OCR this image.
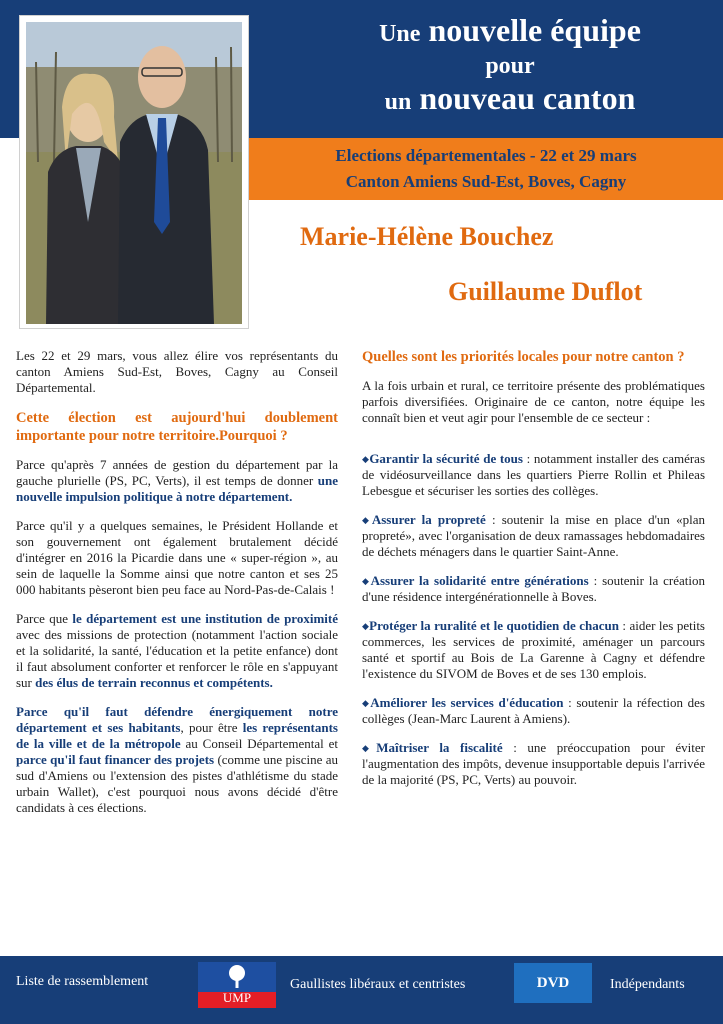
Une nouvelle équipe
pour
un nouveau canton
Elections départementales - 22 et 29 mars
Canton Amiens Sud-Est, Boves, Cagny
Marie-Hélène Bouchez
Guillaume Duflot

Les 22 et 29 mars, vous allez élire vos représentants du canton Amiens Sud-Est, Boves, Cagny au Conseil Départemental.

Cette élection est aujourd'hui doublement importante pour notre territoire.Pourquoi ?

Parce qu'après 7 années de gestion du département par la gauche plurielle (PS, PC, Verts), il est temps de donner une nouvelle impulsion politique à notre département.

Parce qu'il y a quelques semaines, le Président Hollande et son gouvernement ont également brutalement décidé d'intégrer en 2016 la Picardie dans une « super-région », au sein de laquelle la Somme ainsi que notre canton et ses 25 000 habitants pèseront bien peu face au Nord-Pas-de-Calais !

Parce que le département est une institution de proximité avec des missions de protection (notamment l'action sociale et la solidarité, la santé, l'éducation et la petite enfance) dont il faut absolument conforter et renforcer le rôle en s'appuyant sur des élus de terrain reconnus et compétents.

Parce qu'il faut défendre énergiquement notre département et ses habitants, pour être les représentants de la ville et de la métropole au Conseil Départemental et parce qu'il faut financer des projets (comme une piscine au sud d'Amiens ou l'extension des pistes d'athlétisme du stade urbain Wallet), c'est pourquoi nous avons décidé d'être candidats à ces élections.

Quelles sont les priorités locales pour notre canton ?

A la fois urbain et rural, ce territoire présente des problématiques parfois diversifiées. Originaire de ce canton, notre équipe les connaît bien et veut agir pour l'ensemble de ce secteur :

◆Garantir la sécurité de tous : notamment installer des caméras de vidéosurveillance dans les quartiers Pierre Rollin et Phileas Lebesgue et sécuriser les sorties des collèges.

◆Assurer la propreté : soutenir la mise en place d'un «plan propreté», avec l'organisation de deux ramassages hebdomadaires de déchets ménagers dans le quartier Saint-Anne.

◆Assurer la solidarité entre générations : soutenir la création d'une résidence intergénérationnelle à Boves.

◆Protéger la ruralité et le quotidien de chacun : aider les petits commerces, les services de proximité, aménager un parcours santé et sportif au Bois de La Garenne à Cagny et défendre l'existence du SIVOM de Boves et de ses 130 emplois.

◆Améliorer les services d'éducation : soutenir la réfection des collèges (Jean-Marc Laurent à Amiens).

◆Maîtriser la fiscalité : une préoccupation pour éviter l'augmentation des impôts, devenue insupportable depuis l'arrivée de la majorité (PS, PC, Verts) au pouvoir.

Liste de rassemblement
UMP
Gaullistes libéraux et centristes	DVD	Indépendants
